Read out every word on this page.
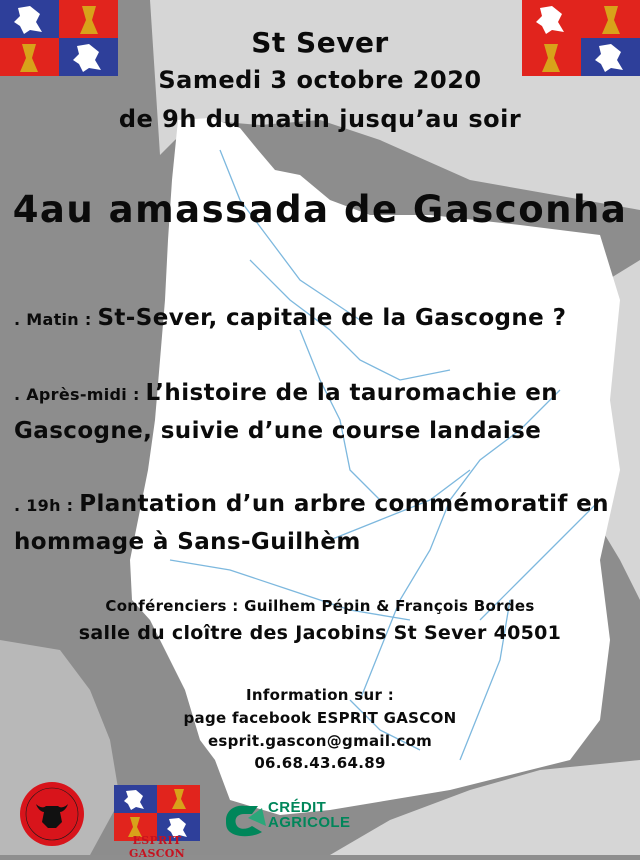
St Sever
Samedi 3 octobre 2020
de 9h du matin jusqu’au soir
4au amassada de Gasconha
. Matin : St-Sever, capitale de la Gascogne ?
. Après-midi : L’histoire de la tauromachie en Gascogne, suivie d’une course landaise
. 19h : Plantation d’un arbre commémoratif en hommage à Sans-Guilhèm
Conférenciers : Guilhem Pépin & François Bordes
salle du cloître des Jacobins St Sever 40501
Information sur :
page facebook ESPRIT GASCON
esprit.gascon@gmail.com
06.68.43.64.89
ESPRIT GASCON
CRÉDIT
AGRICOLE
